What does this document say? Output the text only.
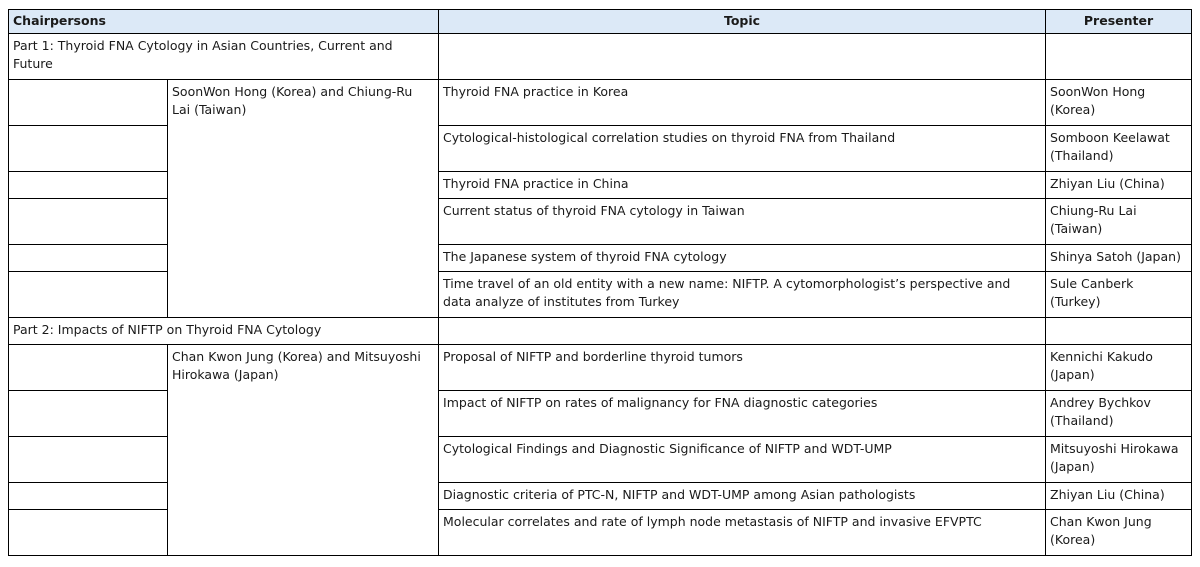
Chairpersons		Topic	Presenter
Part 1: Thyroid FNA Cytology in Asian Countries, Current and Future			
	SoonWon Hong (Korea) and Chiung-Ru Lai (Taiwan)	Thyroid FNA practice in Korea	SoonWon Hong (Korea)
		Cytological-histological correlation studies on thyroid FNA from Thailand	Somboon Keelawat (Thailand)
		Thyroid FNA practice in China	Zhiyan Liu (China)
		Current status of thyroid FNA cytology in Taiwan	Chiung-Ru Lai (Taiwan)
		The Japanese system of thyroid FNA cytology	Shinya Satoh (Japan)
		Time travel of an old entity with a new name: NIFTP. A cytomorphologist’s perspective and data analyze of institutes from Turkey	Sule Canberk (Turkey)
Part 2: Impacts of NIFTP on Thyroid FNA Cytology			
	Chan Kwon Jung (Korea) and Mitsuyoshi Hirokawa (Japan)	Proposal of NIFTP and borderline thyroid tumors	Kennichi Kakudo (Japan)
		Impact of NIFTP on rates of malignancy for FNA diagnostic categories	Andrey Bychkov (Thailand)
		Cytological Findings and Diagnostic Significance of NIFTP and WDT-UMP	Mitsuyoshi Hirokawa (Japan)
		Diagnostic criteria of PTC-N, NIFTP and WDT-UMP among Asian pathologists	Zhiyan Liu (China)
		Molecular correlates and rate of lymph node metastasis of NIFTP and invasive EFVPTC	Chan Kwon Jung (Korea)
